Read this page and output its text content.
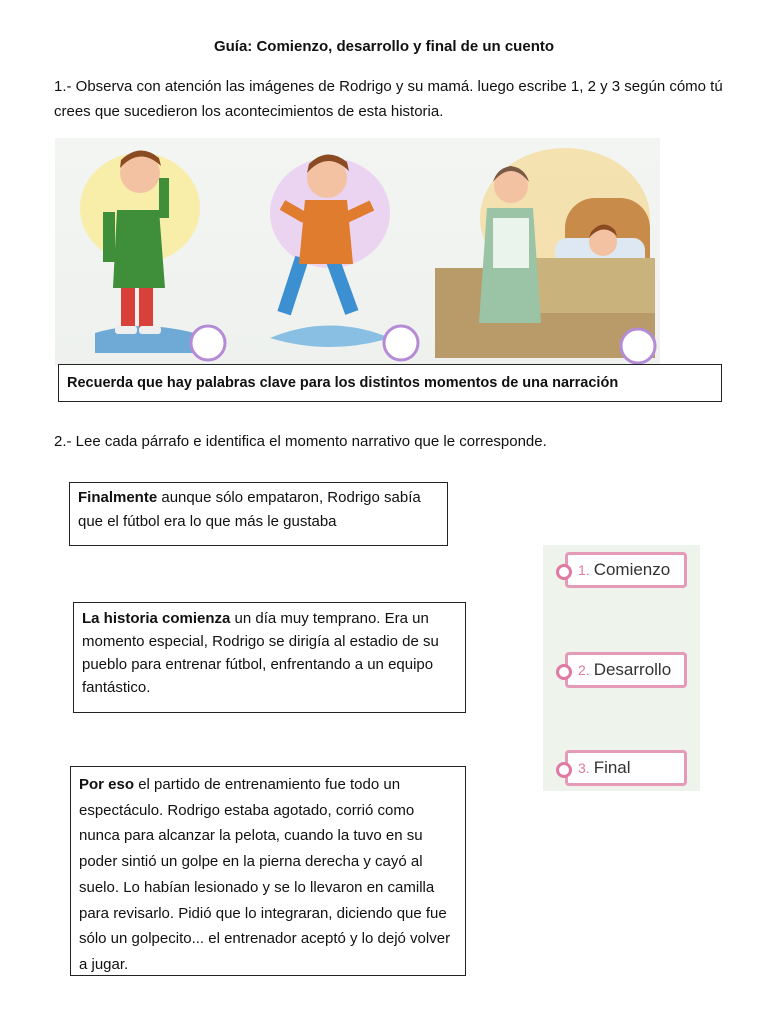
Guía: Comienzo, desarrollo y final de un cuento
1.- Observa con atención las imágenes de Rodrigo y su mamá. luego escribe 1, 2 y 3 según cómo tú crees que sucedieron los acontecimientos de esta historia.
Recuerda que hay palabras clave para los distintos momentos de una narración
2.- Lee cada párrafo e identifica el momento narrativo que le corresponde.
Finalmente aunque sólo empataron, Rodrigo sabía que el fútbol era lo que más le gustaba
La historia comienza un día muy temprano. Era un momento especial, Rodrigo se dirigía al estadio de su pueblo para entrenar fútbol, enfrentando a un equipo fantástico.
Por eso el partido de entrenamiento fue todo un espectáculo. Rodrigo estaba agotado, corrió como nunca para alcanzar la pelota, cuando la tuvo en su poder sintió un golpe en la pierna derecha y cayó al suelo. Lo habían lesionado y se lo llevaron en camilla para revisarlo. Pidió que lo integraran, diciendo que fue sólo un golpecito... el entrenador aceptó y lo dejó volver a jugar.
1. Comienzo
2. Desarrollo
3. Final
